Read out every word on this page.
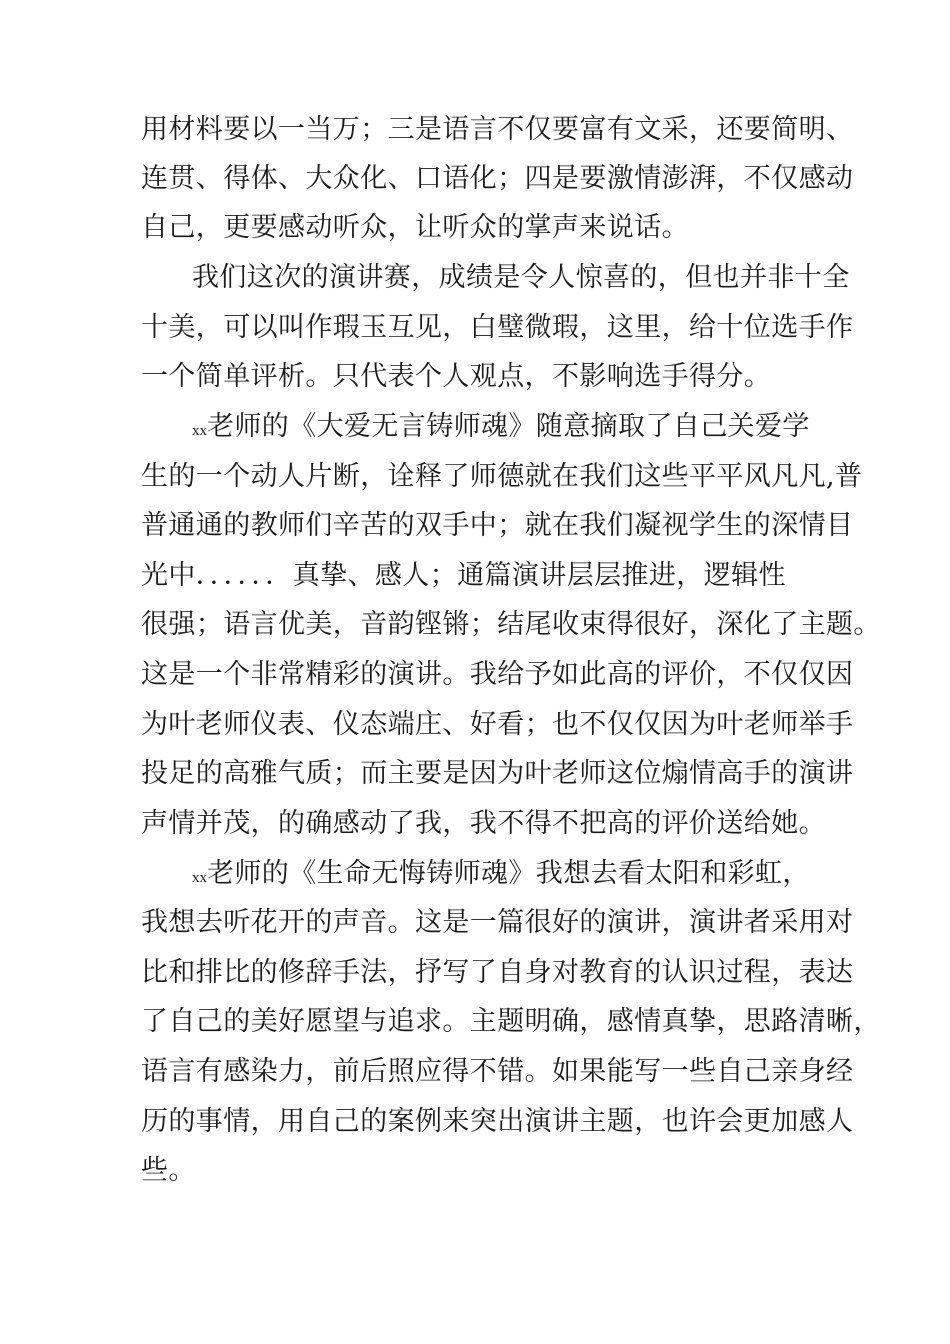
用材料要以一当万；三是语言不仅要富有文采，还要简明、
连贯、得体、大众化、口语化；四是要激情澎湃，不仅感动
自己，更要感动听众，让听众的掌声来说话。
我们这次的演讲赛，成绩是令人惊喜的，但也并非十全
十美，可以叫作瑕玉互见，白璧微瑕，这里，给十位选手作
一个简单评析。只代表个人观点，不影响选手得分。
xx老师的《大爱无言铸师魂》随意摘取了自己关爱学
生的一个动人片断，诠释了师德就在我们这些平平风凡凡,普
普通通的教师们辛苦的双手中；就在我们凝视学生的深情目
光中．．．．．．真挚、感人；通篇演讲层层推进，逻辑性
很强；语言优美，音韵铿锵；结尾收束得很好，深化了主题。
这是一个非常精彩的演讲。我给予如此高的评价，不仅仅因
为叶老师仪表、仪态端庄、好看；也不仅仅因为叶老师举手
投足的高雅气质；而主要是因为叶老师这位煽情高手的演讲
声情并茂，的确感动了我，我不得不把高的评价送给她。
xx老师的《生命无悔铸师魂》我想去看太阳和彩虹，
我想去听花开的声音。这是一篇很好的演讲，演讲者采用对
比和排比的修辞手法，抒写了自身对教育的认识过程，表达
了自己的美好愿望与追求。主题明确，感情真挚，思路清晰，
语言有感染力，前后照应得不错。如果能写一些自己亲身经
历的事情，用自己的案例来突出演讲主题，也许会更加感人
些。
